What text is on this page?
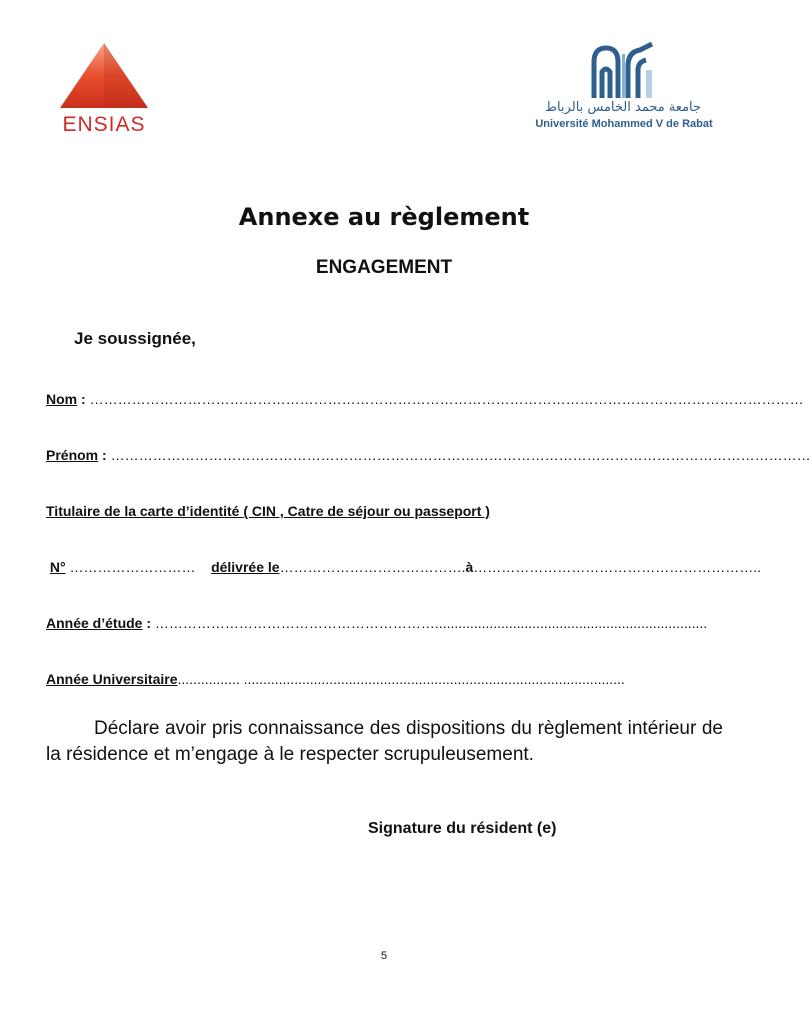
ENSIAS
جامعة محمد الخامس بالرباط
Université Mohammed V de Rabat
Annexe au règlement
ENGAGEMENT
Je soussignée,
Nom : ………………………………………………………………………………………………………………………………………
Prénom : ……………………………………………………………………………………………………………………………………
Titulaire de la carte d’identité ( CIN , Catre de séjour ou passeport )
N° ………………………    délivrée le………………………………….à……………………………………………………..
Année d’étude : ……………………………………………………......................................................................
Année Universitaire................ ..................................................................................................
Déclare avoir pris connaissance des dispositions du règlement intérieur de la résidence et m’engage à le respecter scrupuleusement.
Signature du résident (e)
5
